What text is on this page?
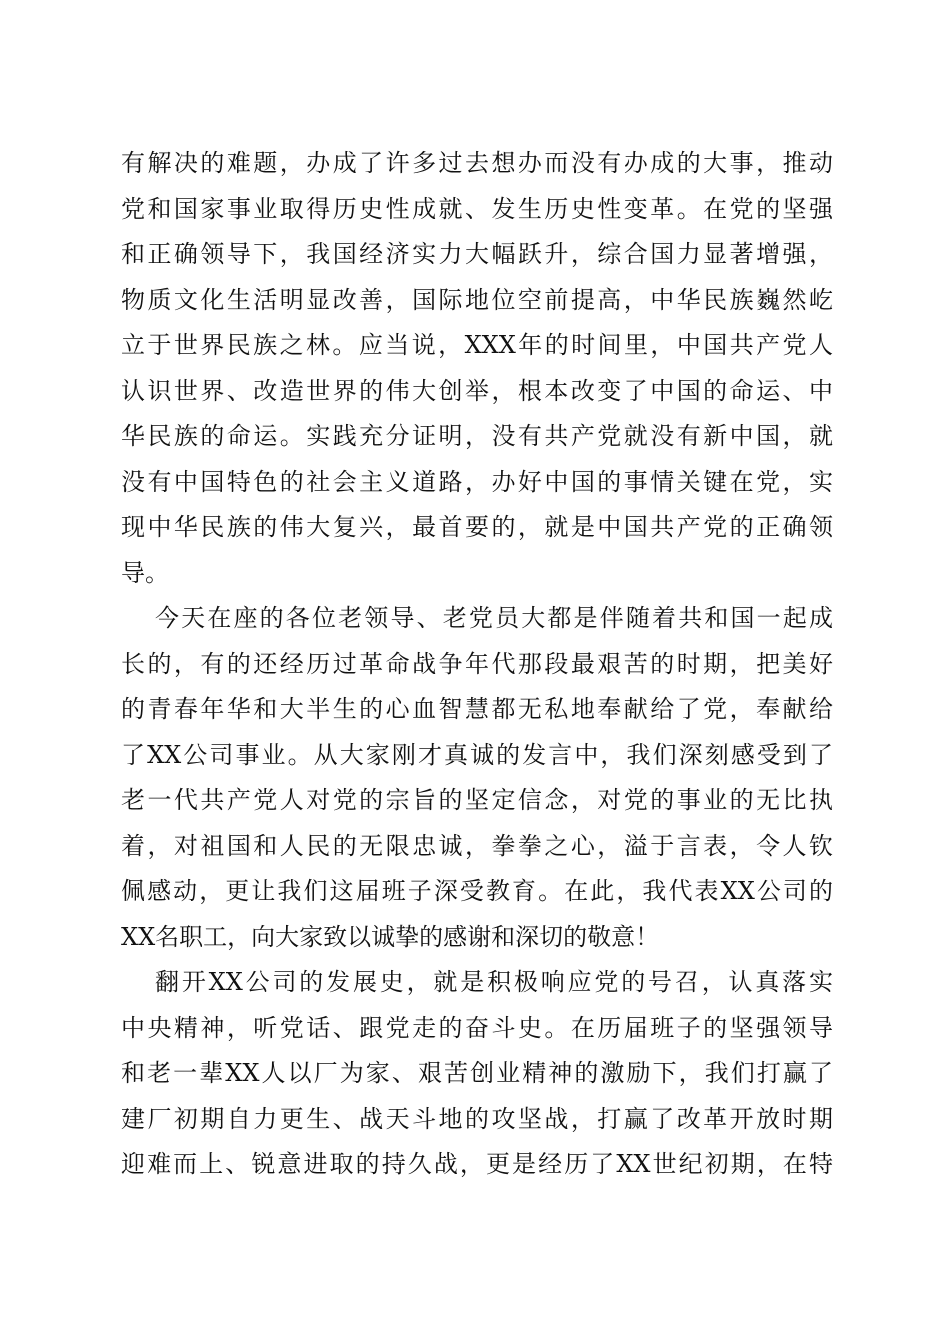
有解决的难题，办成了许多过去想办而没有办成的大事，推动
党和国家事业取得历史性成就、发生历史性变革。在党的坚强
和正确领导下，我国经济实力大幅跃升，综合国力显著增强，
物质文化生活明显改善，国际地位空前提高，中华民族巍然屹
立于世界民族之林。应当说，XXX年的时间里，中国共产党人
认识世界、改造世界的伟大创举，根本改变了中国的命运、中
华民族的命运。实践充分证明，没有共产党就没有新中国，就
没有中国特色的社会主义道路，办好中国的事情关键在党，实
现中华民族的伟大复兴，最首要的，就是中国共产党的正确领
导。
今天在座的各位老领导、老党员大都是伴随着共和国一起成
长的，有的还经历过革命战争年代那段最艰苦的时期，把美好
的青春年华和大半生的心血智慧都无私地奉献给了党，奉献给
了XX公司事业。从大家刚才真诚的发言中，我们深刻感受到了
老一代共产党人对党的宗旨的坚定信念，对党的事业的无比执
着，对祖国和人民的无限忠诚，拳拳之心，溢于言表，令人钦
佩感动，更让我们这届班子深受教育。在此，我代表XX公司的
XX名职工，向大家致以诚挚的感谢和深切的敬意！
翻开XX公司的发展史，就是积极响应党的号召，认真落实
中央精神，听党话、跟党走的奋斗史。在历届班子的坚强领导
和老一辈XX人以厂为家、艰苦创业精神的激励下，我们打赢了
建厂初期自力更生、战天斗地的攻坚战，打赢了改革开放时期
迎难而上、锐意进取的持久战，更是经历了XX世纪初期，在特
